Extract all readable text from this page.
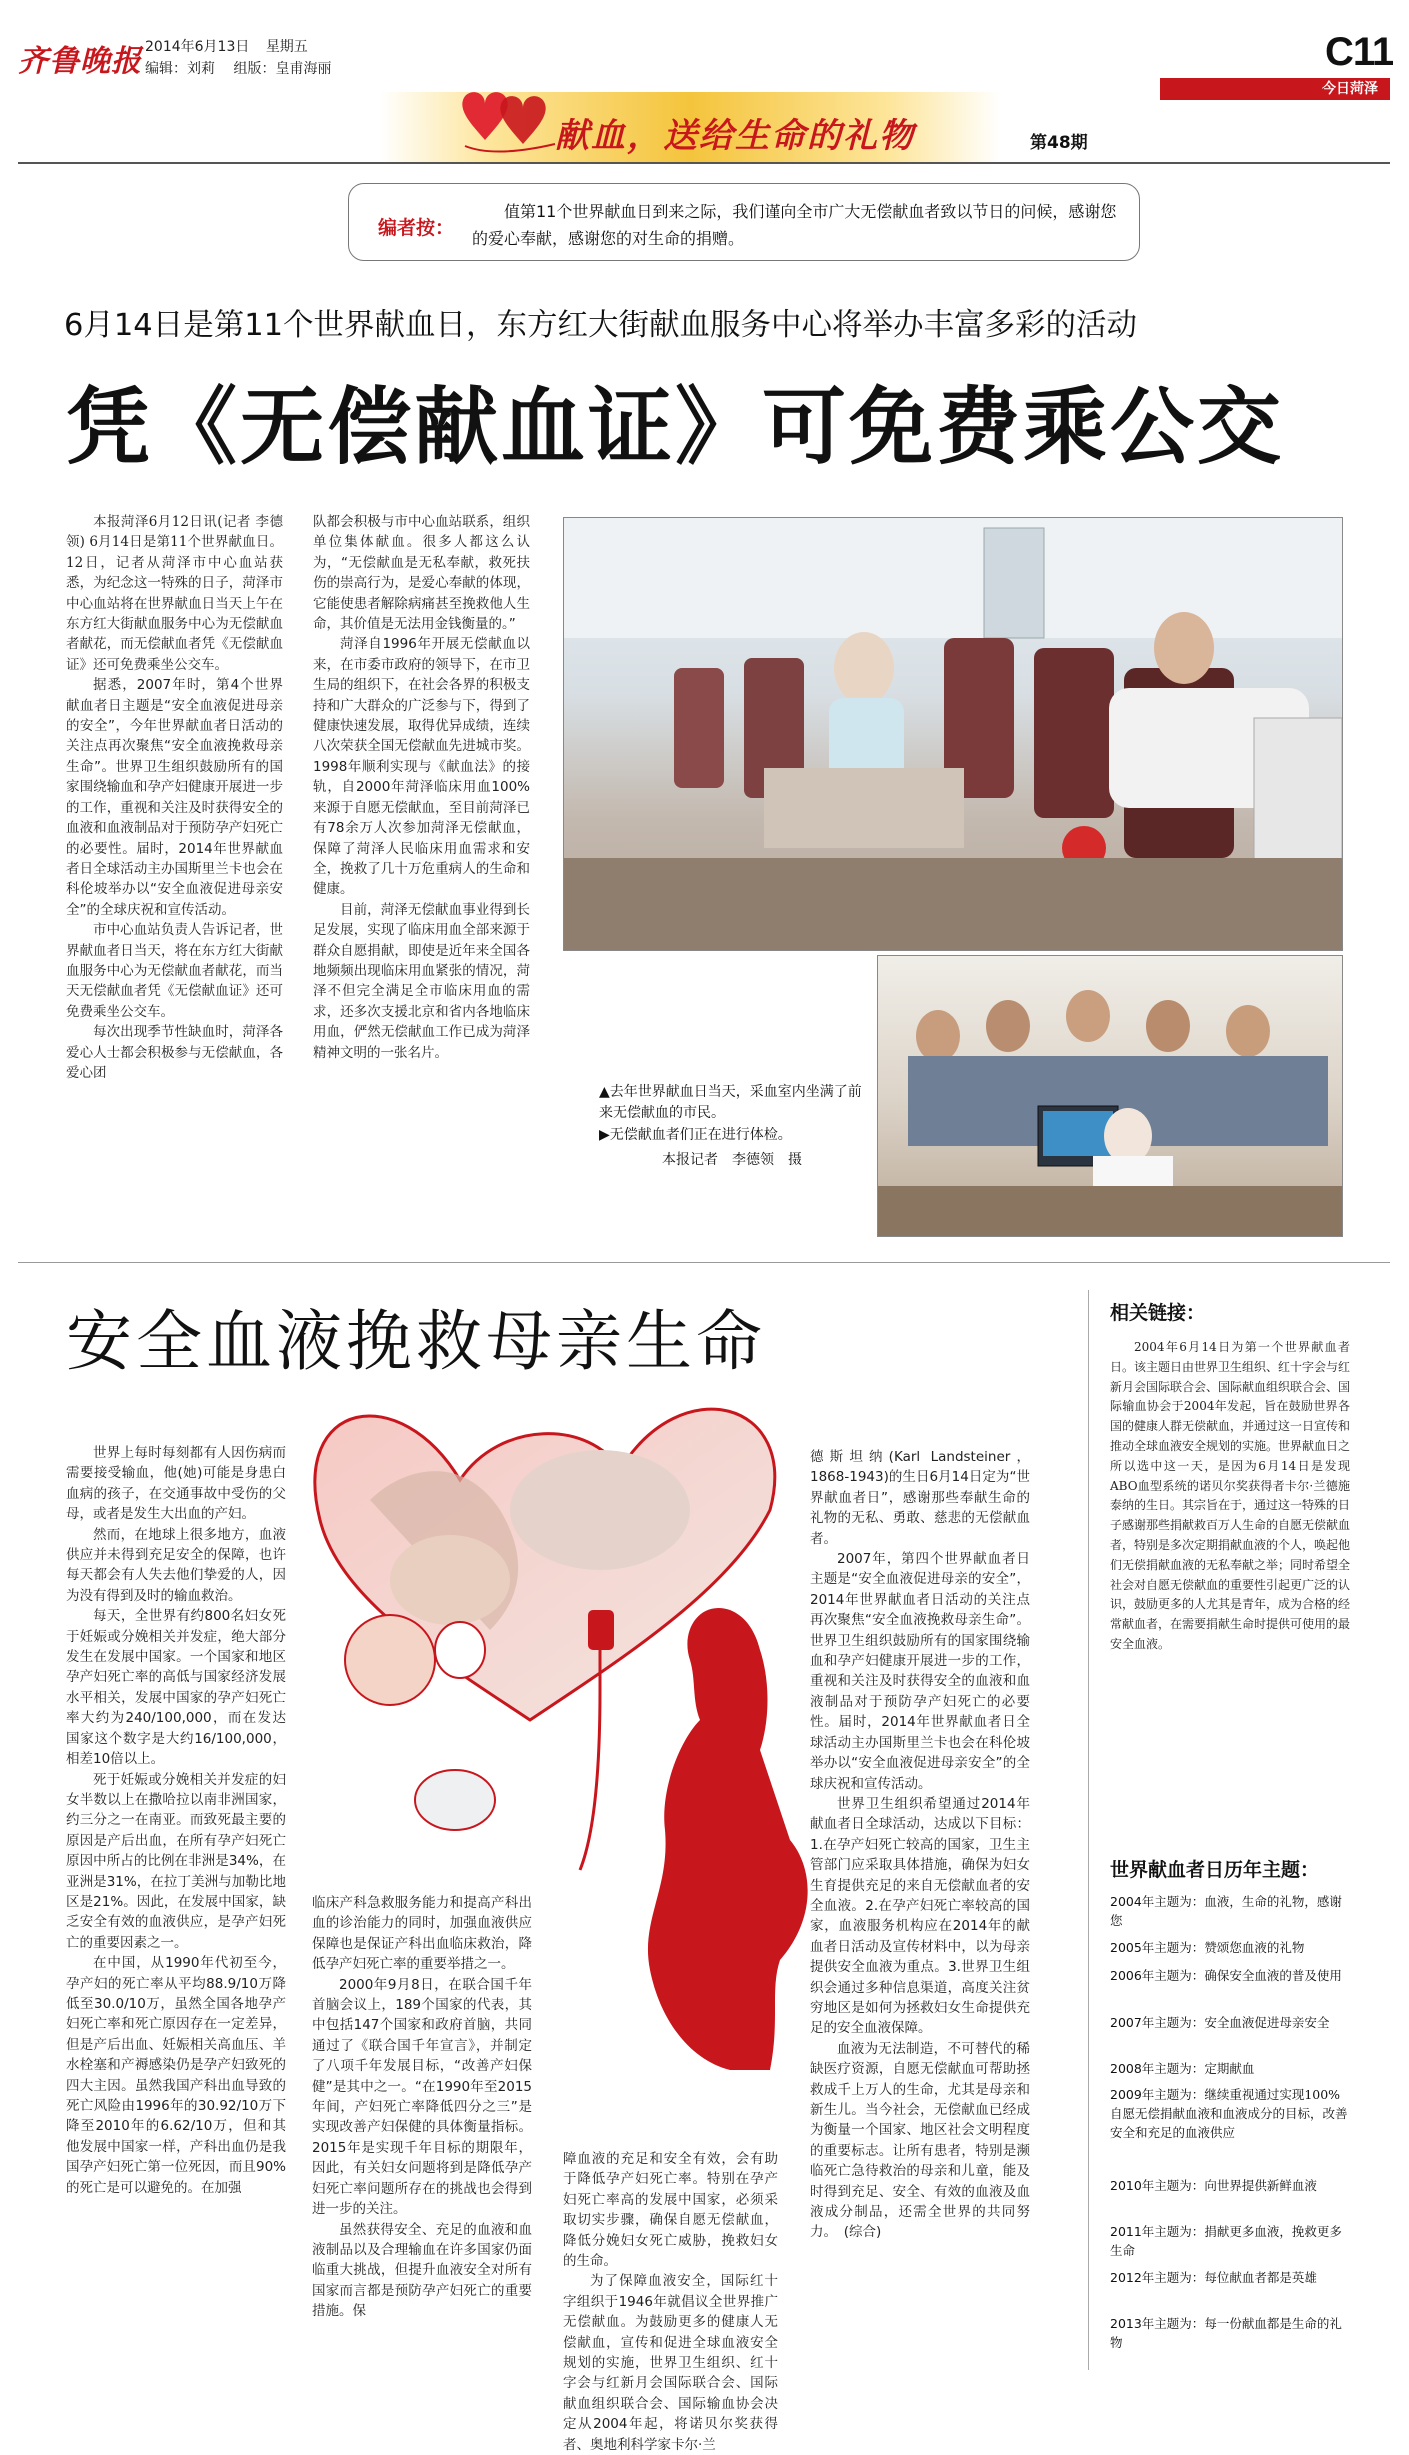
齐鲁晚报 2014年6月13日 星期五
编辑：刘莉 组版：皇甫海丽	C11
今日菏泽
献血，送给生命的礼物	第48期
编者按：
值第11个世界献血日到来之际，我们谨向全市广大无偿献血者致以节日的问候，感谢您的爱心奉献，感谢您的对生命的捐赠。
6月14日是第11个世界献血日，东方红大街献血服务中心将举办丰富多彩的活动
凭《无偿献血证》可免费乘公交

本报菏泽6月12日讯(记者 李德领) 6月14日是第11个世界献血日。12日，记者从菏泽市中心血站获悉，为纪念这一特殊的日子，菏泽市中心血站将在世界献血日当天上午在东方红大街献血服务中心为无偿献血者献花，而无偿献血者凭《无偿献血证》还可免费乘坐公交车。

据悉，2007年时，第4个世界献血者日主题是“安全血液促进母亲的安全”，今年世界献血者日活动的关注点再次聚焦“安全血液挽救母亲生命”。世界卫生组织鼓励所有的国家围绕输血和孕产妇健康开展进一步的工作，重视和关注及时获得安全的血液和血液制品对于预防孕产妇死亡的必要性。届时，2014年世界献血者日全球活动主办国斯里兰卡也会在科伦坡举办以“安全血液促进母亲安全”的全球庆祝和宣传活动。

市中心血站负责人告诉记者，世界献血者日当天，将在东方红大街献血服务中心为无偿献血者献花，而当天无偿献血者凭《无偿献血证》还可免费乘坐公交车。

每次出现季节性缺血时，菏泽各爱心人士都会积极参与无偿献血，各爱心团

队都会积极与市中心血站联系，组织单位集体献血。很多人都这么认为，“无偿献血是无私奉献，救死扶伤的崇高行为，是爱心奉献的体现，它能使患者解除病痛甚至挽救他人生命，其价值是无法用金钱衡量的。”

菏泽自1996年开展无偿献血以来，在市委市政府的领导下，在市卫生局的组织下，在社会各界的积极支持和广大群众的广泛参与下，得到了健康快速发展，取得优异成绩，连续八次荣获全国无偿献血先进城市奖。1998年顺利实现与《献血法》的接轨，自2000年菏泽临床用血100%来源于自愿无偿献血，至目前菏泽已有78余万人次参加菏泽无偿献血，保障了菏泽人民临床用血需求和安全，挽救了几十万危重病人的生命和健康。

目前，菏泽无偿献血事业得到长足发展，实现了临床用血全部来源于群众自愿捐献，即使是近年来全国各地频频出现临床用血紧张的情况，菏泽不但完全满足全市临床用血的需求，还多次支援北京和省内各地临床用血，俨然无偿献血工作已成为菏泽精神文明的一张名片。

▲去年世界献血日当天，采血室内坐满了前来无偿献血的市民。
▶无偿献血者们正在进行体检。
本报记者　李德领　摄
安全血液挽救母亲生命

世界上每时每刻都有人因伤病而需要接受输血，他(她)可能是身患白血病的孩子，在交通事故中受伤的父母，或者是发生大出血的产妇。

然而，在地球上很多地方，血液供应并未得到充足安全的保障，也许每天都会有人失去他们挚爱的人，因为没有得到及时的输血救治。

每天，全世界有约800名妇女死于妊娠或分娩相关并发症，绝大部分发生在发展中国家。一个国家和地区孕产妇死亡率的高低与国家经济发展水平相关，发展中国家的孕产妇死亡率大约为240/100,000，而在发达国家这个数字是大约16/100,000，相差10倍以上。

死于妊娠或分娩相关并发症的妇女半数以上在撒哈拉以南非洲国家，约三分之一在南亚。而致死最主要的原因是产后出血，在所有孕产妇死亡原因中所占的比例在非洲是34%，在亚洲是31%，在拉丁美洲与加勒比地区是21%。因此，在发展中国家，缺乏安全有效的血液供应，是孕产妇死亡的重要因素之一。

在中国，从1990年代初至今，孕产妇的死亡率从平均88.9/10万降低至30.0/10万，虽然全国各地孕产妇死亡率和死亡原因存在一定差异，但是产后出血、妊娠相关高血压、羊水栓塞和产褥感染仍是孕产妇致死的四大主因。虽然我国产科出血导致的死亡风险由1996年的30.92/10万下降至2010年的6.62/10万，但和其他发展中国家一样，产科出血仍是我国孕产妇死亡第一位死因，而且90%的死亡是可以避免的。在加强

临床产科急救服务能力和提高产科出血的诊治能力的同时，加强血液供应保障也是保证产科出血临床救治，降低孕产妇死亡率的重要举措之一。

2000年9月8日，在联合国千年首脑会议上，189个国家的代表，其中包括147个国家和政府首脑，共同通过了《联合国千年宣言》，并制定了八项千年发展目标，“改善产妇保健”是其中之一。“在1990年至2015年间，产妇死亡率降低四分之三”是实现改善产妇保健的具体衡量指标。2015年是实现千年目标的期限年，因此，有关妇女问题将到是降低孕产妇死亡率问题所存在的挑战也会得到进一步的关注。

虽然获得安全、充足的血液和血液制品以及合理输血在许多国家仍面临重大挑战，但提升血液安全对所有国家而言都是预防孕产妇死亡的重要措施。保

障血液的充足和安全有效，会有助于降低孕产妇死亡率。特别在孕产妇死亡率高的发展中国家，必须采取切实步骤，确保自愿无偿献血，降低分娩妇女死亡威胁，挽救妇女的生命。

为了保障血液安全，国际红十字组织于1946年就倡议全世界推广无偿献血。为鼓励更多的健康人无偿献血，宣传和促进全球血液安全规划的实施，世界卫生组织、红十字会与红新月会国际联合会、国际献血组织联合会、国际输血协会决定从2004年起，将诺贝尔奖获得者、奥地利科学家卡尔·兰

德斯坦纳(Karl Landsteiner，1868-1943)的生日6月14日定为“世界献血者日”，感谢那些奉献生命的礼物的无私、勇敢、慈悲的无偿献血者。

2007年，第四个世界献血者日主题是“安全血液促进母亲的安全”，2014年世界献血者日活动的关注点再次聚焦“安全血液挽救母亲生命”。世界卫生组织鼓励所有的国家围绕输血和孕产妇健康开展进一步的工作，重视和关注及时获得安全的血液和血液制品对于预防孕产妇死亡的必要性。届时，2014年世界献血者日全球活动主办国斯里兰卡也会在科伦坡举办以“安全血液促进母亲安全”的全球庆祝和宣传活动。

世界卫生组织希望通过2014年献血者日全球活动，达成以下目标：1.在孕产妇死亡较高的国家，卫生主管部门应采取具体措施，确保为妇女生育提供充足的来自无偿献血者的安全血液。2.在孕产妇死亡率较高的国家，血液服务机构应在2014年的献血者日活动及宣传材料中，以为母亲提供安全血液为重点。3.世界卫生组织会通过多种信息渠道，高度关注贫穷地区是如何为拯救妇女生命提供充足的安全血液保障。

血液为无法制造，不可替代的稀缺医疗资源，自愿无偿献血可帮助拯救成千上万人的生命，尤其是母亲和新生儿。当今社会，无偿献血已经成为衡量一个国家、地区社会文明程度的重要标志。让所有患者，特别是濒临死亡急待救治的母亲和儿童，能及时得到充足、安全、有效的血液及血液成分制品，还需全世界的共同努力。　(综合)

相关链接：
2004年6月14日为第一个世界献血者日。该主题日由世界卫生组织、红十字会与红新月会国际联合会、国际献血组织联合会、国际输血协会于2004年发起，旨在鼓励世界各国的健康人群无偿献血，并通过这一日宣传和推动全球血液安全规划的实施。世界献血日之所以选中这一天，是因为6月14日是发现ABO血型系统的诺贝尔奖获得者卡尔·兰德施泰纳的生日。其宗旨在于，通过这一特殊的日子感谢那些捐献救百万人生命的自愿无偿献血者，特别是多次定期捐献血液的个人，唤起他们无偿捐献血液的无私奉献之举；同时希望全社会对自愿无偿献血的重要性引起更广泛的认识，鼓励更多的人尤其是青年，成为合格的经常献血者，在需要捐献生命时提供可使用的最安全血液。
世界献血者日历年主题：
2004年主题为：血液，生命的礼物，感谢您
2005年主题为：赞颂您血液的礼物
2006年主题为：确保安全血液的普及使用
2007年主题为：安全血液促进母亲安全
2008年主题为：定期献血
2009年主题为：继续重视通过实现100%自愿无偿捐献血液和血液成分的目标，改善安全和充足的血液供应
2010年主题为：向世界提供新鲜血液
2011年主题为：捐献更多血液，挽救更多生命
2012年主题为：每位献血者都是英雄
2013年主题为：每一份献血都是生命的礼物
